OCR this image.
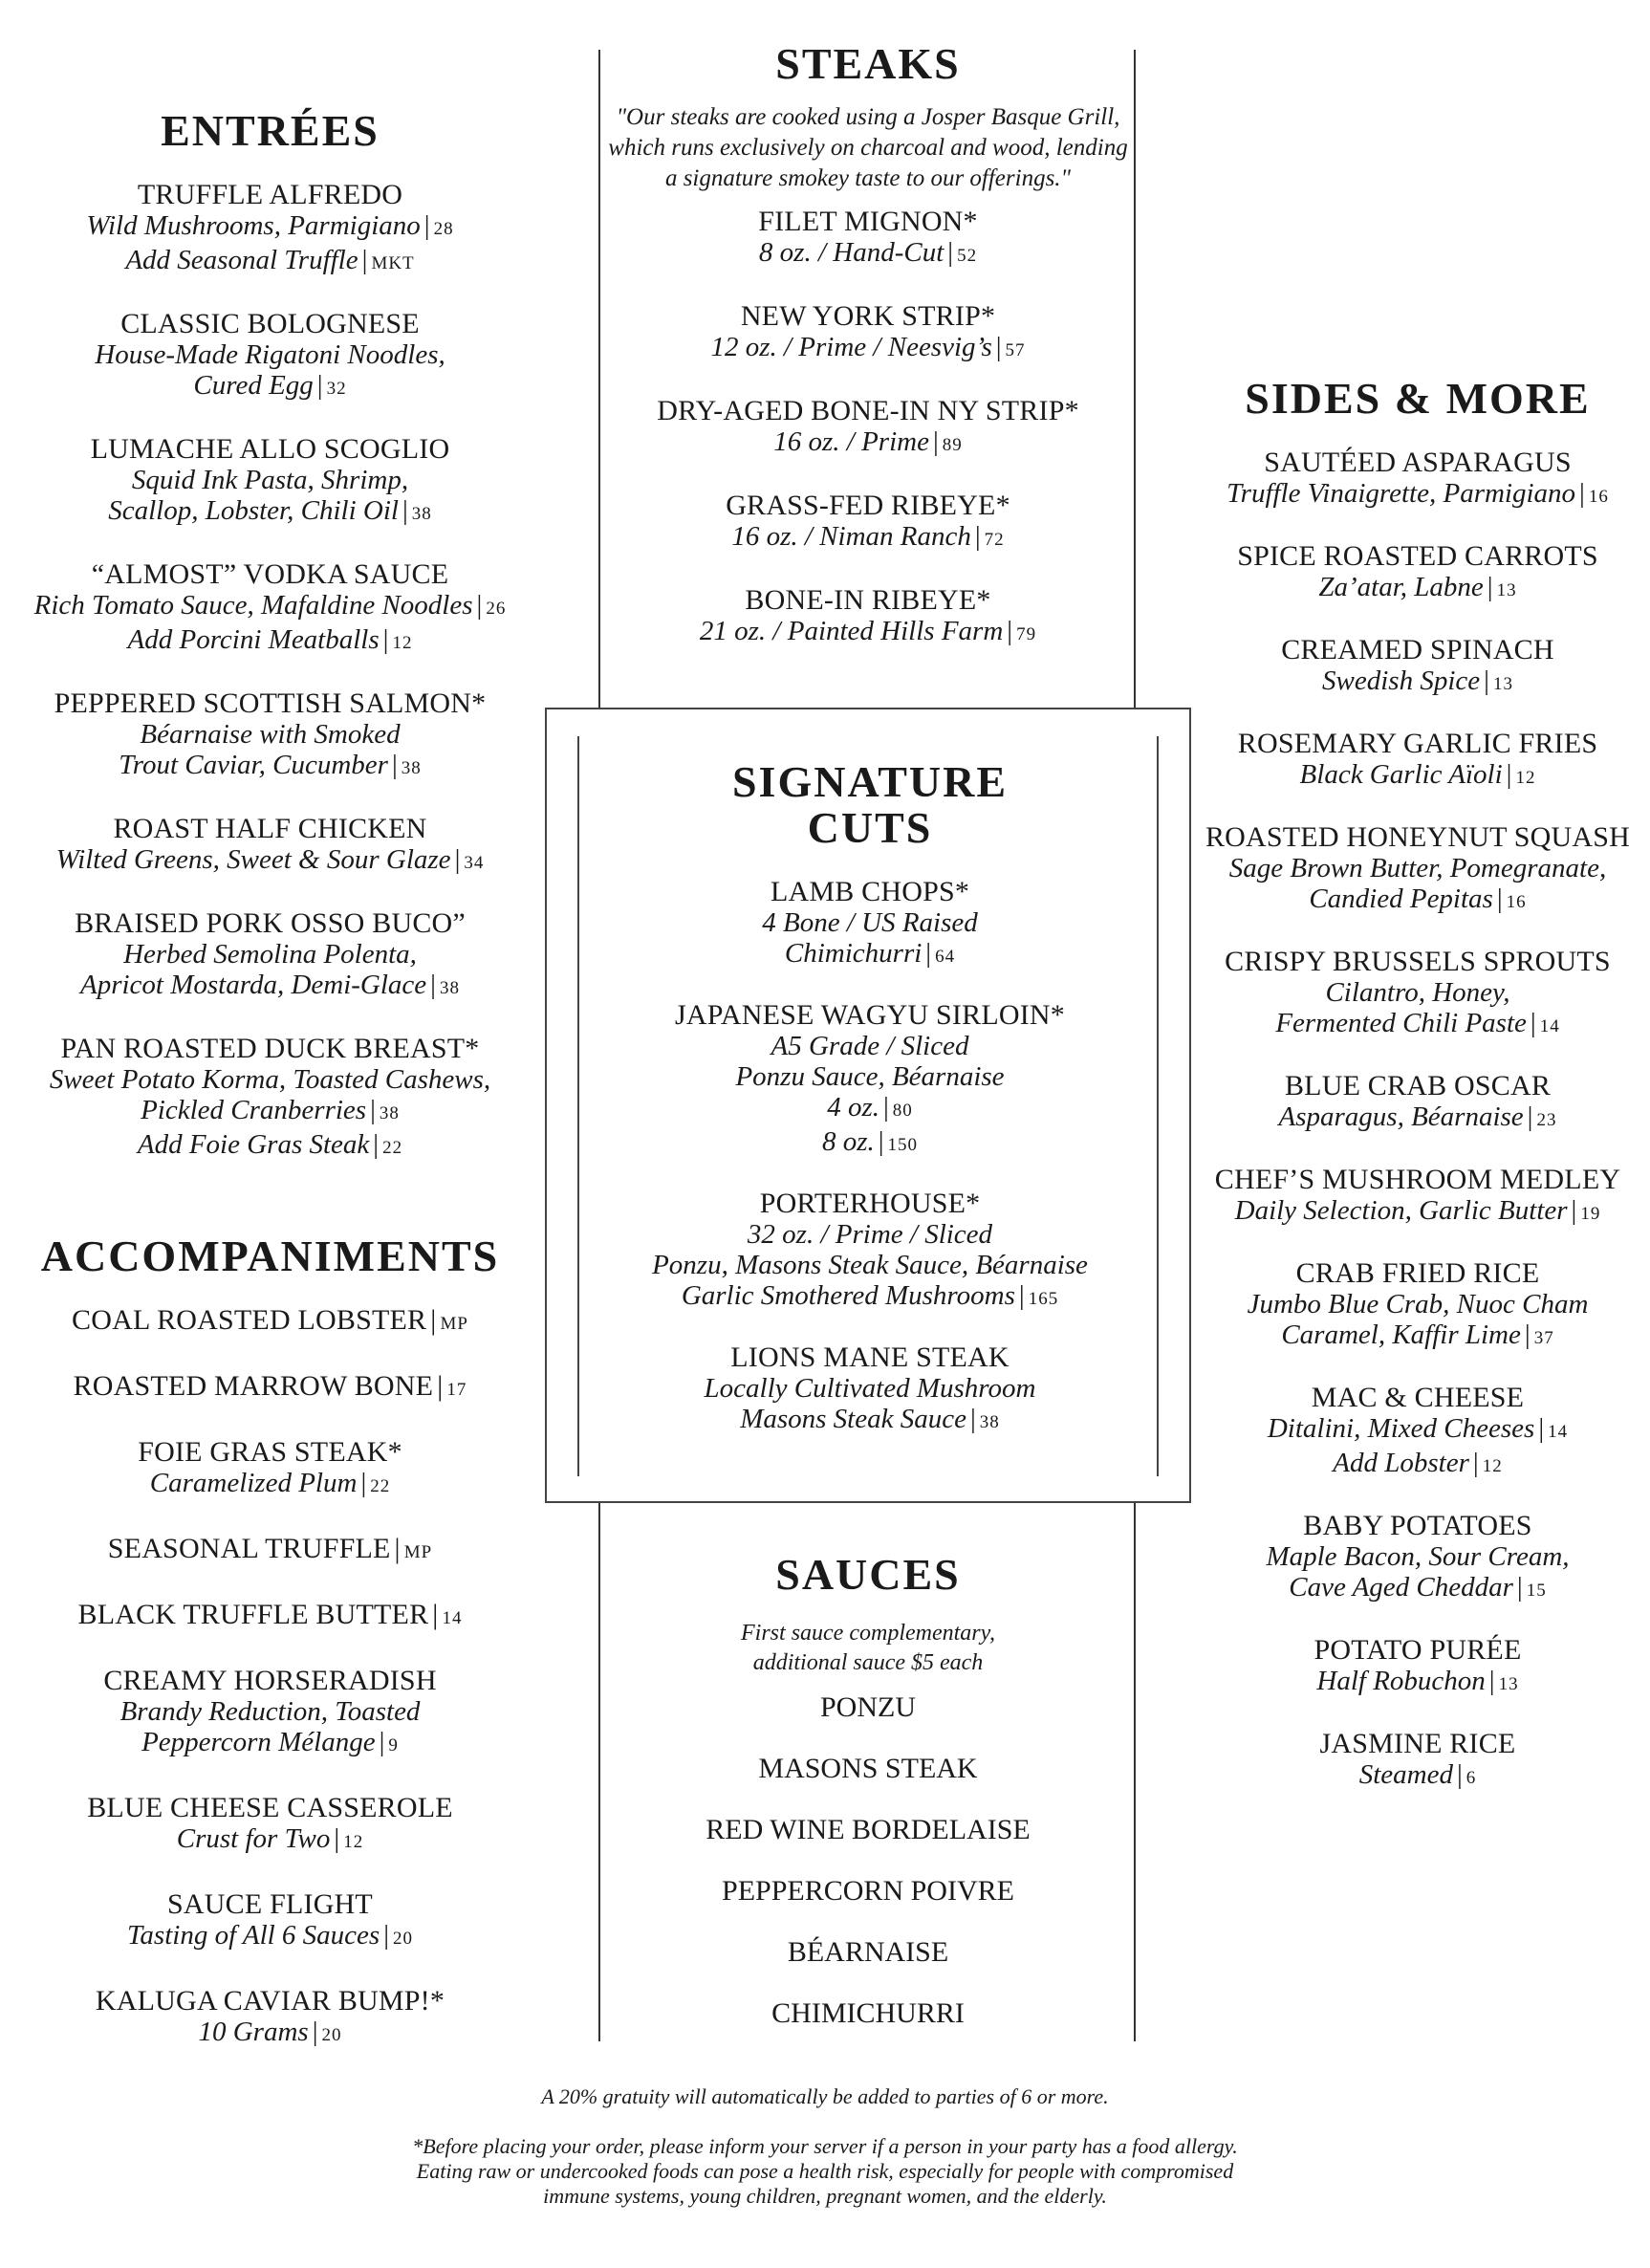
ENTRÉES
TRUFFLE ALFREDO
Wild Mushrooms, Parmigiano | 28
Add Seasonal Truffle | MKT
CLASSIC BOLOGNESE
House-Made Rigatoni Noodles,
Cured Egg | 32
LUMACHE ALLO SCOGLIO
Squid Ink Pasta, Shrimp,
Scallop, Lobster, Chili Oil | 38
“ALMOST” VODKA SAUCE
Rich Tomato Sauce, Mafaldine Noodles | 26
Add Porcini Meatballs | 12
PEPPERED SCOTTISH SALMON*
Béarnaise with Smoked
Trout Caviar, Cucumber | 38
ROAST HALF CHICKEN
Wilted Greens, Sweet & Sour Glaze | 34
BRAISED PORK OSSO BUCO”
Herbed Semolina Polenta,
Apricot Mostarda, Demi-Glace | 38
PAN ROASTED DUCK BREAST*
Sweet Potato Korma, Toasted Cashews,
Pickled Cranberries | 38
Add Foie Gras Steak | 22
ACCOMPANIMENTS
COAL ROASTED LOBSTER | MP
ROASTED MARROW BONE | 17
FOIE GRAS STEAK*
Caramelized Plum | 22
SEASONAL TRUFFLE | MP
BLACK TRUFFLE BUTTER | 14
CREAMY HORSERADISH
Brandy Reduction, Toasted
Peppercorn Mélange | 9
BLUE CHEESE CASSEROLE
Crust for Two | 12
SAUCE FLIGHT
Tasting of All 6 Sauces | 20
KALUGA CAVIAR BUMP!*
10 Grams | 20
STEAKS

"Our steaks are cooked using a Josper Basque Grill, which runs exclusively on charcoal and wood, lending a signature smokey taste to our offerings."

FILET MIGNON*
8 oz. / Hand-Cut | 52
NEW YORK STRIP*
12 oz. / Prime / Neesvig’s | 57
DRY-AGED BONE-IN NY STRIP*
16 oz. / Prime | 89
GRASS-FED RIBEYE*
16 oz. / Niman Ranch | 72
BONE-IN RIBEYE*
21 oz. / Painted Hills Farm | 79
SIGNATURE
CUTS
LAMB CHOPS*
4 Bone / US Raised
Chimichurri | 64
JAPANESE WAGYU SIRLOIN*
A5 Grade / Sliced
Ponzu Sauce, Béarnaise
4 oz. | 80
8 oz. | 150
PORTERHOUSE*
32 oz. / Prime / Sliced
Ponzu, Masons Steak Sauce, Béarnaise
Garlic Smothered Mushrooms | 165
LIONS MANE STEAK
Locally Cultivated Mushroom
Masons Steak Sauce | 38
SAUCES
First sauce complementary,
additional sauce $5 each
PONZU
MASONS STEAK
RED WINE BORDELAISE
PEPPERCORN POIVRE
BÉARNAISE
CHIMICHURRI
SIDES & MORE
SAUTÉED ASPARAGUS
Truffle Vinaigrette, Parmigiano | 16
SPICE ROASTED CARROTS
Za’atar, Labne | 13
CREAMED SPINACH
Swedish Spice | 13
ROSEMARY GARLIC FRIES
Black Garlic Aïoli | 12
ROASTED HONEYNUT SQUASH
Sage Brown Butter, Pomegranate,
Candied Pepitas | 16
CRISPY BRUSSELS SPROUTS
Cilantro, Honey,
Fermented Chili Paste | 14
BLUE CRAB OSCAR
Asparagus, Béarnaise | 23
CHEF’S MUSHROOM MEDLEY
Daily Selection, Garlic Butter | 19
CRAB FRIED RICE
Jumbo Blue Crab, Nuoc Cham
Caramel, Kaffir Lime | 37
MAC & CHEESE
Ditalini, Mixed Cheeses | 14
Add Lobster | 12
BABY POTATOES
Maple Bacon, Sour Cream,
Cave Aged Cheddar | 15
POTATO PURÉE
Half Robuchon | 13
JASMINE RICE
Steamed | 6

A 20% gratuity will automatically be added to parties of 6 or more.

*Before placing your order, please inform your server if a person in your party has a food allergy.
Eating raw or undercooked foods can pose a health risk, especially for people with compromised
immune systems, young children, pregnant women, and the elderly.
